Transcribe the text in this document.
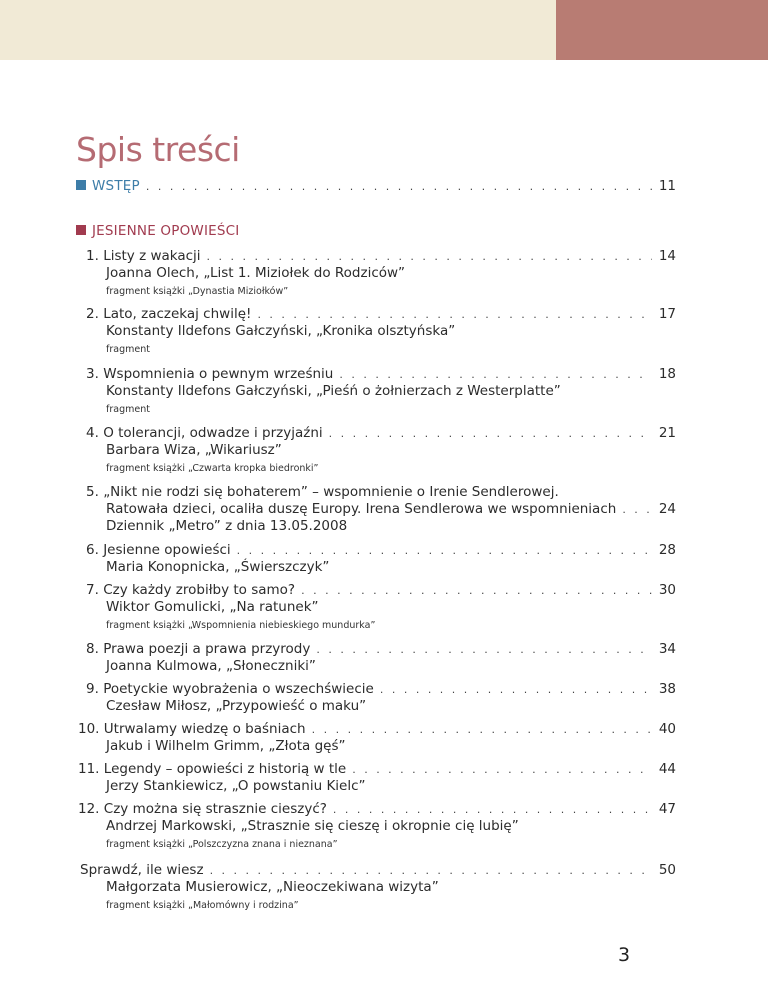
Spis treści
WSTĘP . . .	11
JESIENNE OPOWIEŚCI
1. Listy z wakacji . . .	14
Joanna Olech, „List 1. Miziołek do Rodziców”
fragment książki „Dynastia Miziołków”
2. Lato, zaczekaj chwilę! . . .	17
Konstanty Ildefons Gałczyński, „Kronika olsztyńska”
fragment
3. Wspomnienia o pewnym wrześniu . . .	18
Konstanty Ildefons Gałczyński, „Pieśń o żołnierzach z Westerplatte”
fragment
4. O tolerancji, odwadze i przyjaźni . . .	21
Barbara Wiza, „Wikariusz”
fragment książki „Czwarta kropka biedronki”
5. „Nikt nie rodzi się bohaterem” – wspomnienie o Irenie Sendlerowej.
Ratowała dzieci, ocaliła duszę Europy. Irena Sendlerowa we wspomnieniach . . .	24
Dziennik „Metro” z dnia 13.05.2008
6. Jesienne opowieści . . .	28
Maria Konopnicka, „Świerszczyk”
7. Czy każdy zrobiłby to samo? . . .	30
Wiktor Gomulicki, „Na ratunek”
fragment książki „Wspomnienia niebieskiego mundurka”
8. Prawa poezji a prawa przyrody . . .	34
Joanna Kulmowa, „Słoneczniki”
9. Poetyckie wyobrażenia o wszechświecie . . .	38
Czesław Miłosz, „Przypowieść o maku”
10. Utrwalamy wiedzę o baśniach . . .	40
Jakub i Wilhelm Grimm, „Złota gęś”
11. Legendy – opowieści z historią w tle . . .	44
Jerzy Stankiewicz, „O powstaniu Kielc”
12. Czy można się strasznie cieszyć? . . .	47
Andrzej Markowski, „Strasznie się cieszę i okropnie cię lubię”
fragment książki „Polszczyzna znana i nieznana”
Sprawdź, ile wiesz . . .	50
Małgorzata Musierowicz, „Nieoczekiwana wizyta”
fragment książki „Małomówny i rodzina”
3
